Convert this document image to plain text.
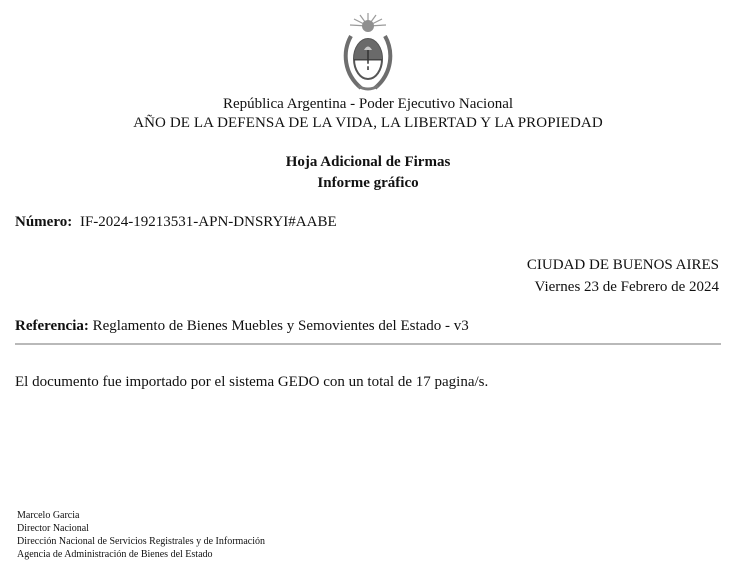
República Argentina - Poder Ejecutivo Nacional
AÑO DE LA DEFENSA DE LA VIDA, LA LIBERTAD Y LA PROPIEDAD
Hoja Adicional de Firmas
Informe gráfico
Número: IF-2024-19213531-APN-DNSRYI#AABE
CIUDAD DE BUENOS AIRES
Viernes 23 de Febrero de 2024
Referencia: Reglamento de Bienes Muebles y Semovientes del Estado - v3
El documento fue importado por el sistema GEDO con un total de 17 pagina/s.
Marcelo Garcia
Director Nacional
Dirección Nacional de Servicios Registrales y de Información
Agencia de Administración de Bienes del Estado
